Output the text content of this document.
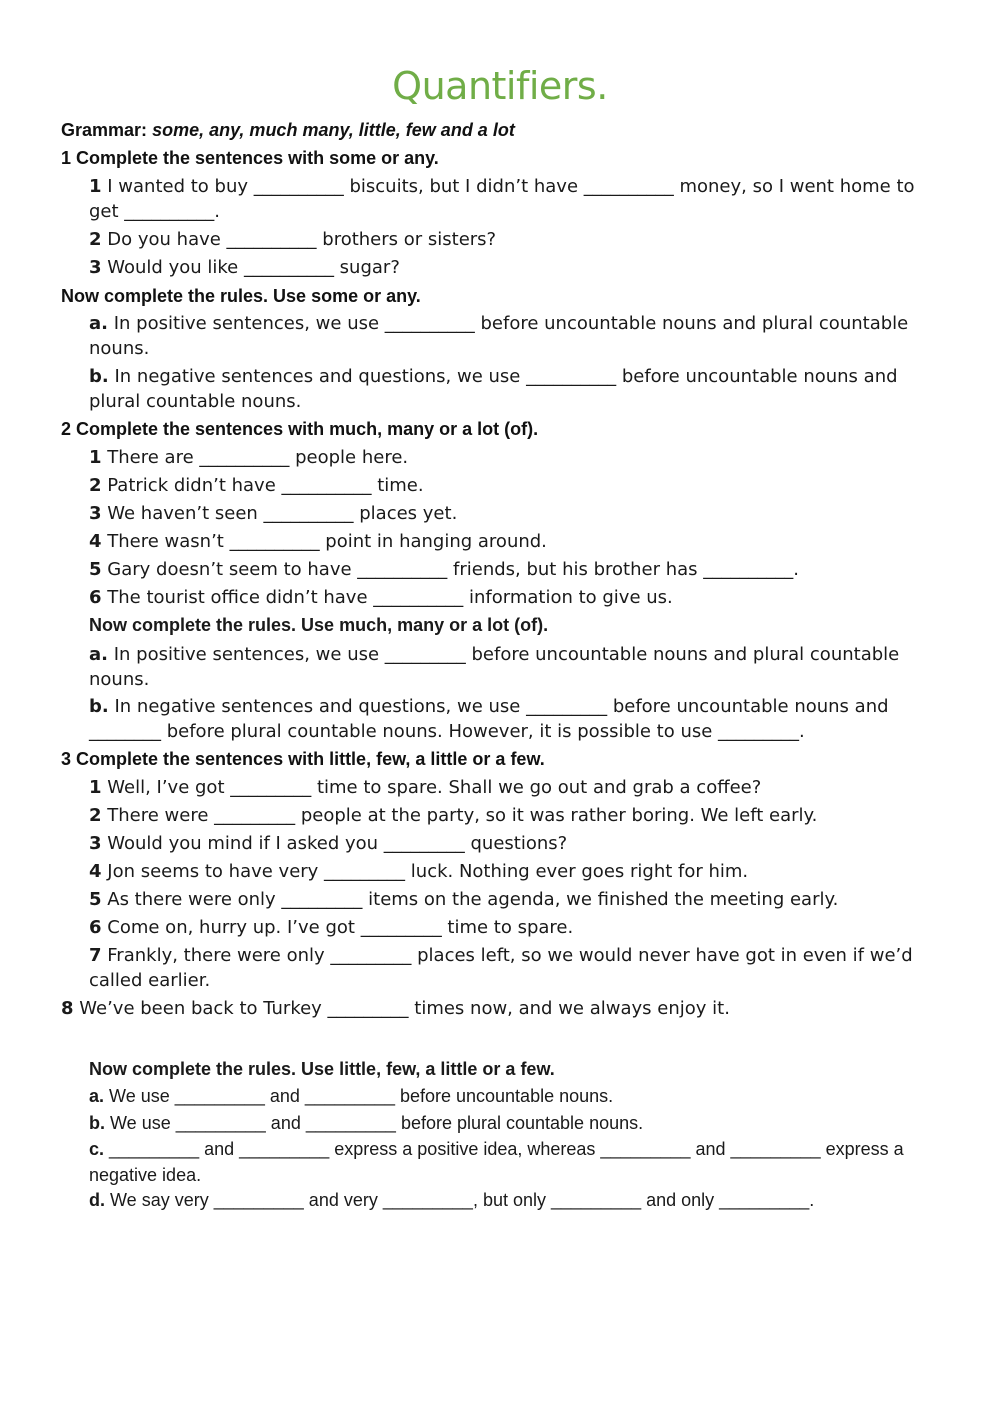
Quantifiers.
Grammar: some, any, much many, little, few and a lot
1 Complete the sentences with some or any.
1 I wanted to buy __________ biscuits, but I didn’t have __________ money, so I went home to get __________.
2 Do you have __________ brothers or sisters?
3 Would you like __________ sugar?
Now complete the rules. Use some or any.
a. In positive sentences, we use __________ before uncountable nouns and plural countable nouns.
b. In negative sentences and questions, we use __________ before uncountable nouns and plural countable nouns.
2 Complete the sentences with much, many or a lot (of).
1 There are __________ people here.
2 Patrick didn’t have __________ time.
3 We haven’t seen __________ places yet.
4 There wasn’t __________ point in hanging around.
5 Gary doesn’t seem to have __________ friends, but his brother has __________.
6 The tourist office didn’t have __________ information to give us.
Now complete the rules. Use much, many or a lot (of).
a. In positive sentences, we use _________ before uncountable nouns and plural countable nouns.
b. In negative sentences and questions, we use _________ before uncountable nouns and ________ before plural countable nouns. However, it is possible to use _________.
3 Complete the sentences with little, few, a little or a few.
1 Well, I’ve got _________ time to spare. Shall we go out and grab a coffee?
2 There were _________ people at the party, so it was rather boring. We left early.
3 Would you mind if I asked you _________ questions?
4 Jon seems to have very _________ luck. Nothing ever goes right for him.
5 As there were only _________ items on the agenda, we finished the meeting early.
6 Come on, hurry up. I’ve got _________ time to spare.
7 Frankly, there were only _________ places left, so we would never have got in even if we’d called earlier.
8 We’ve been back to Turkey _________ times now, and we always enjoy it.
Now complete the rules. Use little, few, a little or a few.
a. We use _________ and _________ before uncountable nouns.
b. We use _________ and _________ before plural countable nouns.
c. _________ and _________ express a positive idea, whereas _________ and _________ express a negative idea.
d. We say very _________ and very _________, but only _________ and only _________.
